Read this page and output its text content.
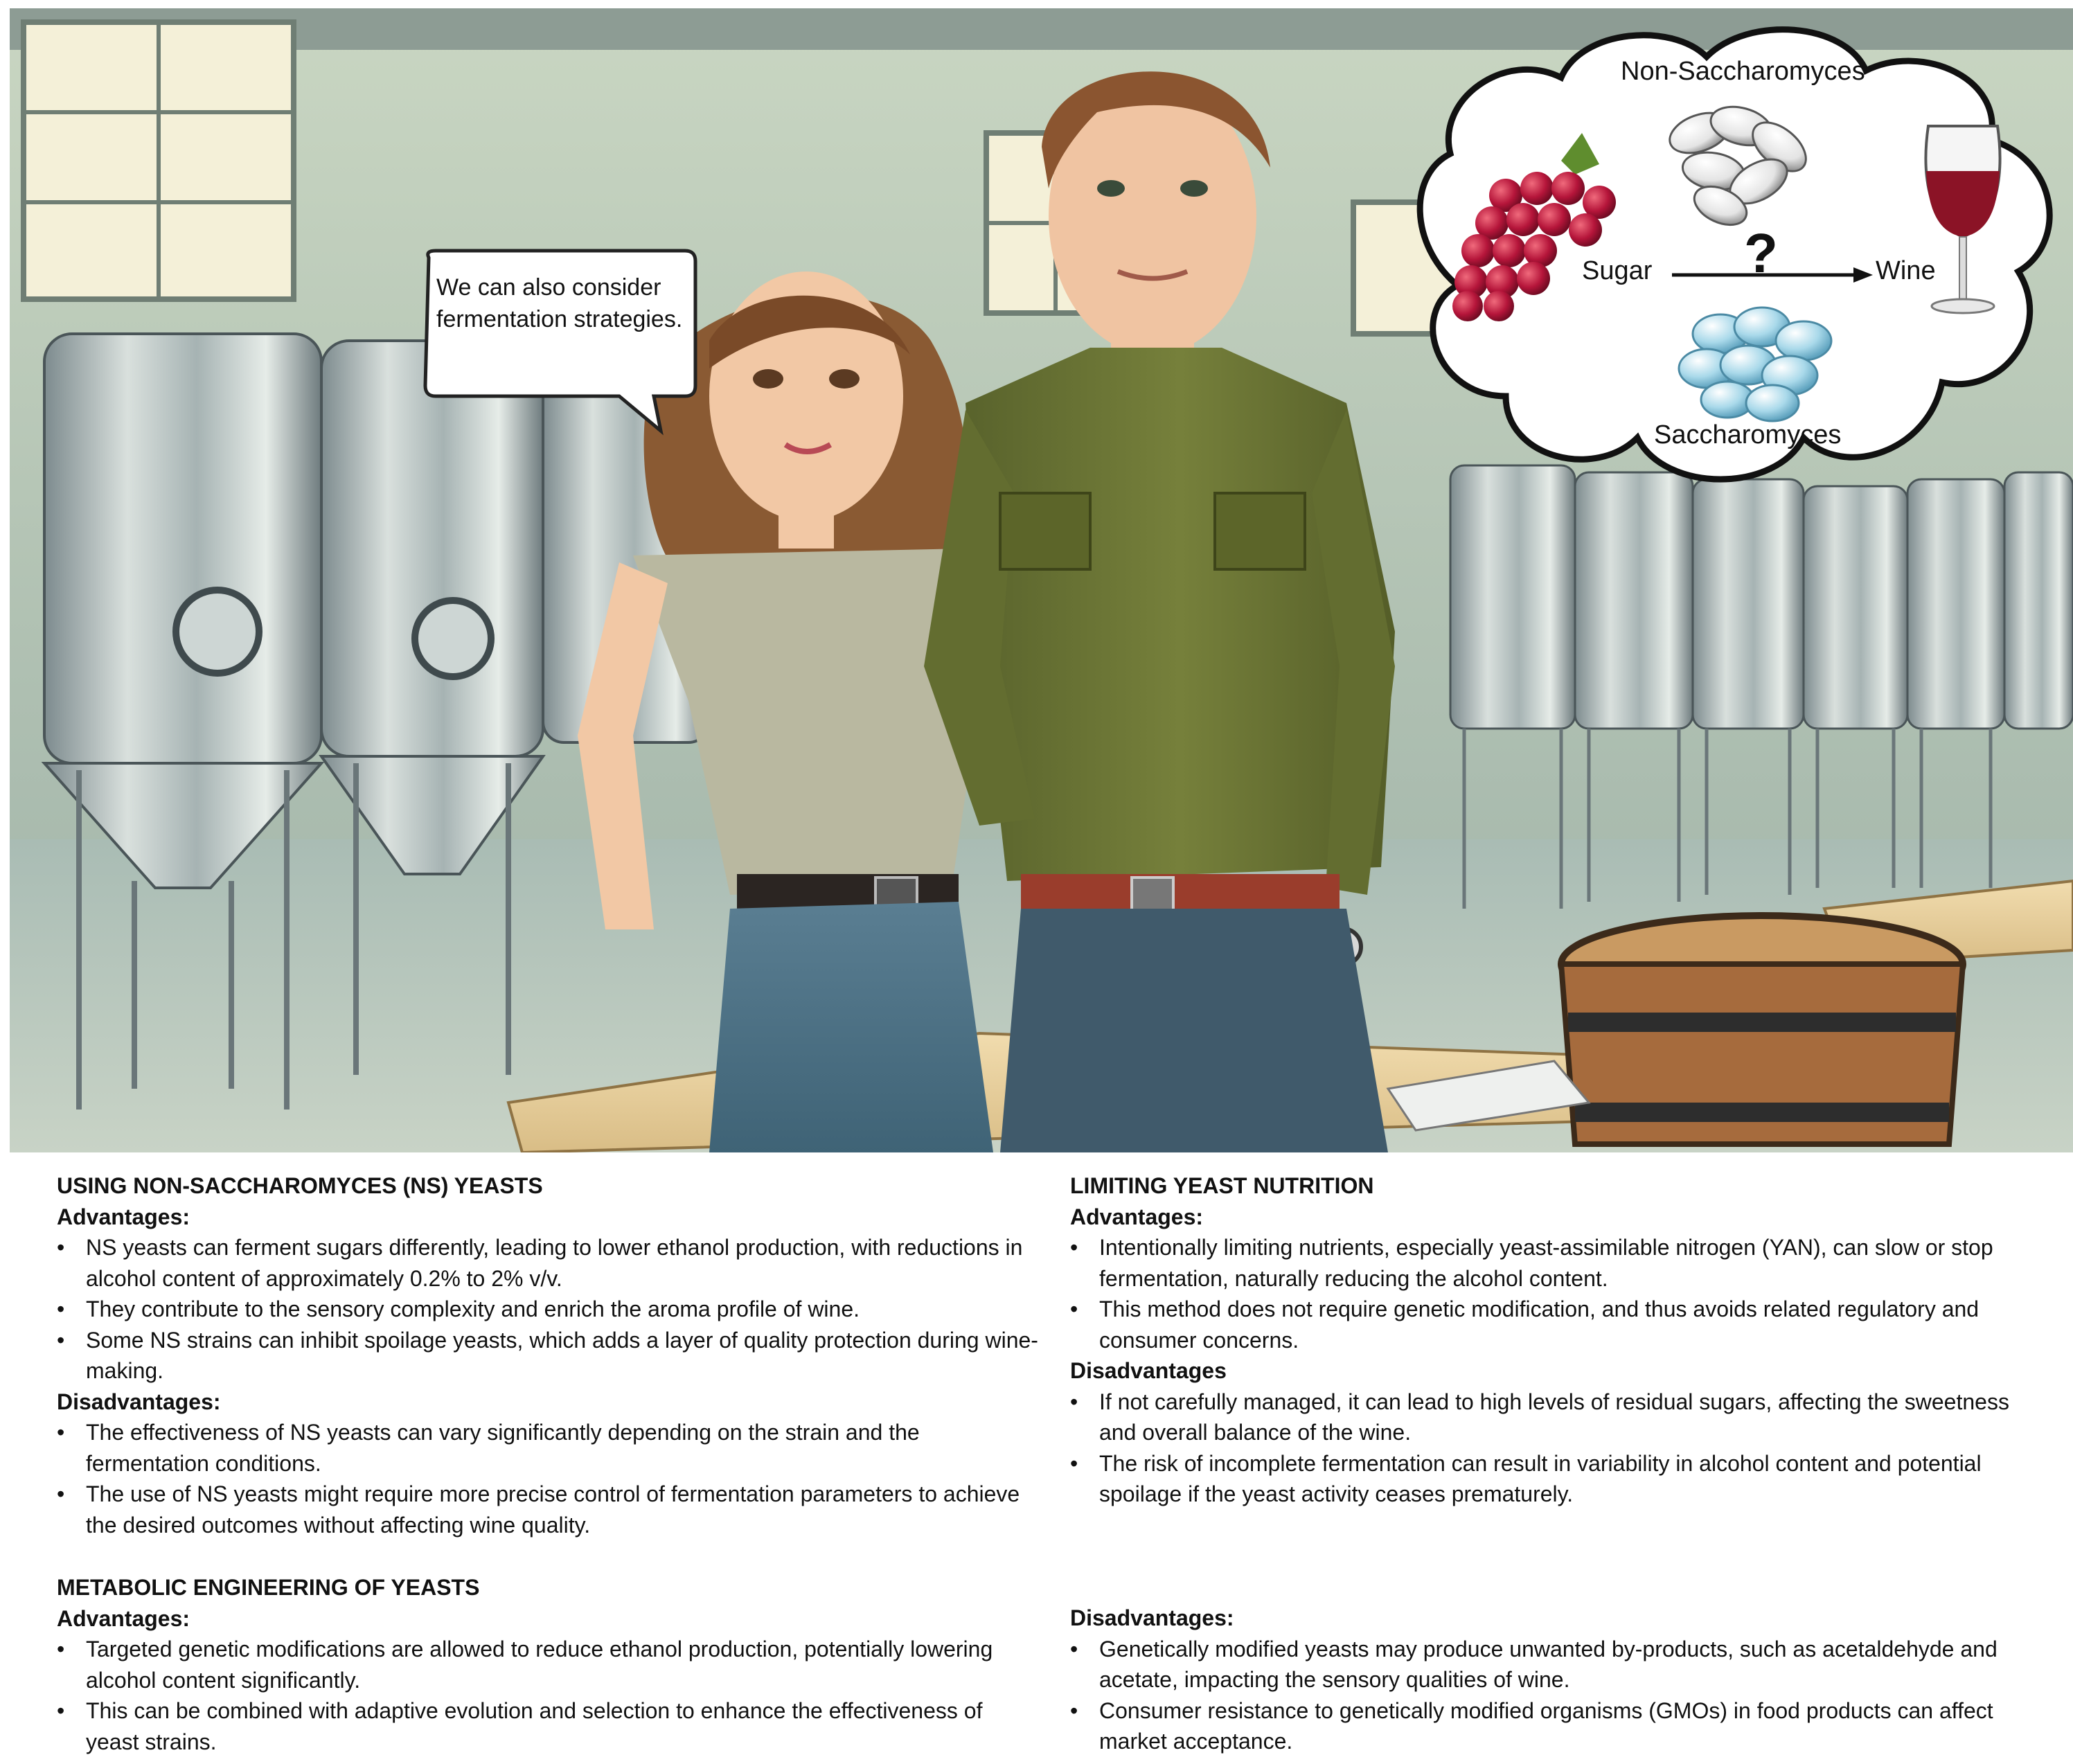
We can also consider fermentation strategies.
Non-Saccharomyces
Saccharomyces
Sugar	Wine
?
USING NON-SACCHAROMYCES (NS) YEASTS
Advantages:
• NS yeasts can ferment sugars differently, leading to lower ethanol production, with reductions in alcohol content of approximately 0.2% to 2% v/v.
• They contribute to the sensory complexity and enrich the aroma profile of wine.
• Some NS strains can inhibit spoilage yeasts, which adds a layer of quality protection during wine-making.
Disadvantages:
• The effectiveness of NS yeasts can vary significantly depending on the strain and the fermentation conditions.
• The use of NS yeasts might require more precise control of fermentation parameters to achieve the desired outcomes without affecting wine quality.
LIMITING YEAST NUTRITION
Advantages:
• Intentionally limiting nutrients, especially yeast-assimilable nitrogen (YAN), can slow or stop fermentation, naturally reducing the alcohol content.
• This method does not require genetic modification, and thus avoids related regulatory and consumer concerns.
Disadvantages
• If not carefully managed, it can lead to high levels of residual sugars, affecting the sweetness and overall balance of the wine.
• The risk of incomplete fermentation can result in variability in alcohol content and potential spoilage if the yeast activity ceases prematurely.
METABOLIC ENGINEERING OF YEASTS
Advantages:
• Targeted genetic modifications are allowed to reduce ethanol production, potentially lowering alcohol content significantly.
• This can be combined with adaptive evolution and selection to enhance the effectiveness of yeast strains.
Disadvantages:
• Genetically modified yeasts may produce unwanted by-products, such as acetaldehyde and acetate, impacting the sensory qualities of wine.
• Consumer resistance to genetically modified organisms (GMOs) in food products can affect market acceptance.
